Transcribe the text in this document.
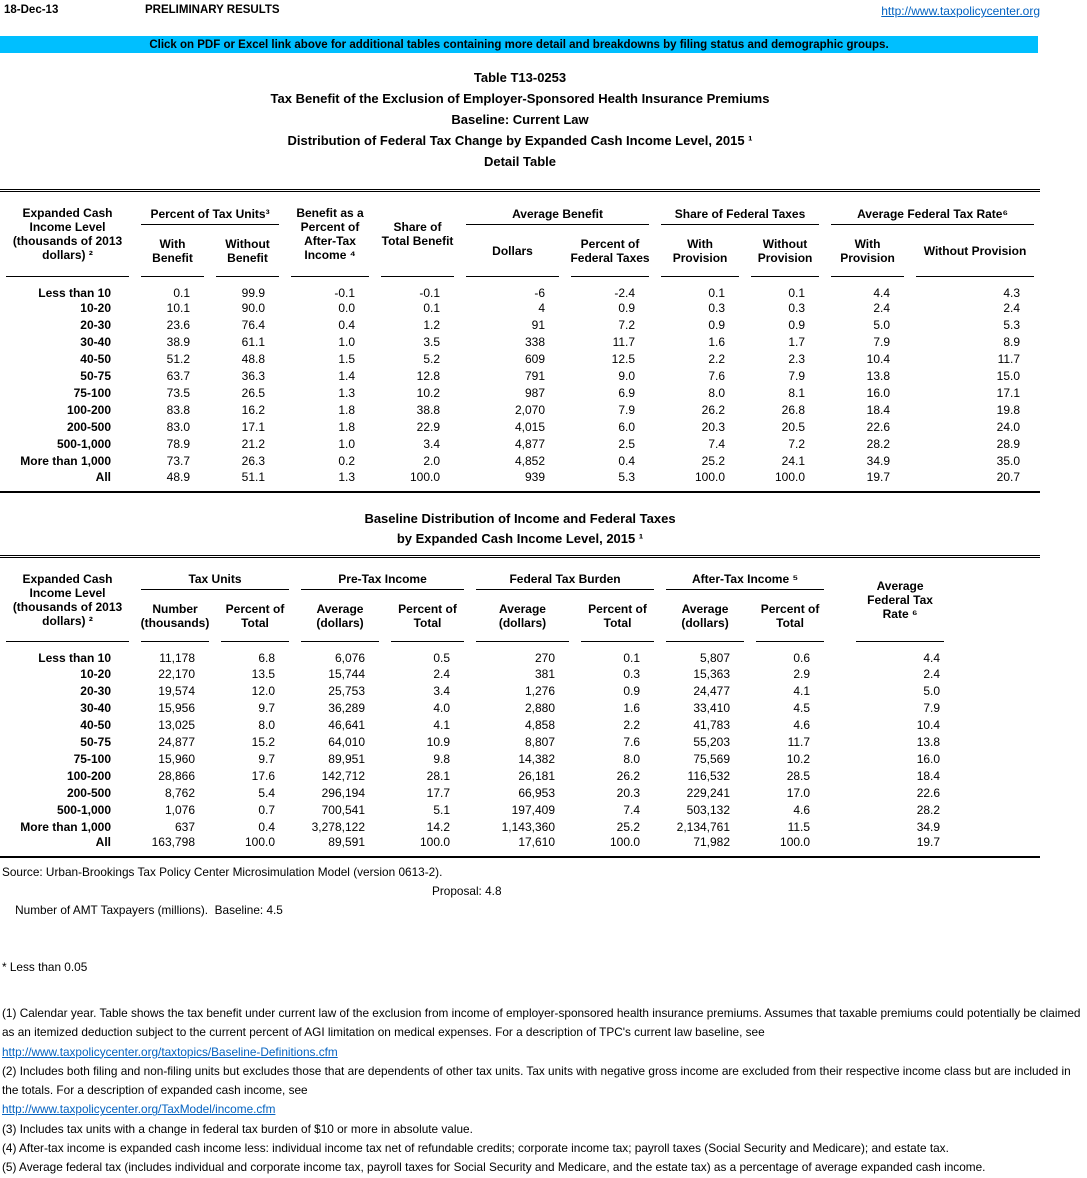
18-Dec-13	PRELIMINARY RESULTS	http://www.taxpolicycenter.org
Click on PDF or Excel link above for additional tables containing more detail and breakdowns by filing status and demographic groups.
Table T13-0253
Tax Benefit of the Exclusion of Employer-Sponsored Health Insurance Premiums
Baseline: Current Law
Distribution of Federal Tax Change by Expanded Cash Income Level, 2015 ¹
Detail Table
Expanded Cash Income Level (thousands of 2013 dollars) ²	Percent of Tax Units³		Benefit as a Percent of After-Tax Income ⁴	Share of Total Benefit	Average Benefit		Share of Federal Taxes		Average Federal Tax Rate⁶	

	With Benefit	Without Benefit			Dollars	Percent of Federal Taxes	With Provision	Without Provision	With Provision	Without Provision
Less than 10	0.1	99.9	-0.1	-0.1	-6	-2.4	0.1	0.1	4.4	4.3
10-20	10.1	90.0	0.0	0.1	4	0.9	0.3	0.3	2.4	2.4
20-30	23.6	76.4	0.4	1.2	91	7.2	0.9	0.9	5.0	5.3
30-40	38.9	61.1	1.0	3.5	338	11.7	1.6	1.7	7.9	8.9
40-50	51.2	48.8	1.5	5.2	609	12.5	2.2	2.3	10.4	11.7
50-75	63.7	36.3	1.4	12.8	791	9.0	7.6	7.9	13.8	15.0
75-100	73.5	26.5	1.3	10.2	987	6.9	8.0	8.1	16.0	17.1
100-200	83.8	16.2	1.8	38.8	2,070	7.9	26.2	26.8	18.4	19.8
200-500	83.0	17.1	1.8	22.9	4,015	6.0	20.3	20.5	22.6	24.0
500-1,000	78.9	21.2	1.0	3.4	4,877	2.5	7.4	7.2	28.2	28.9
More than 1,000	73.7	26.3	0.2	2.0	4,852	0.4	25.2	24.1	34.9	35.0
All	48.9	51.1	1.3	100.0	939	5.3	100.0	100.0	19.7	20.7
Baseline Distribution of Income and Federal Taxes
by Expanded Cash Income Level, 2015 ¹
Expanded Cash Income Level (thousands of 2013 dollars) ²	Tax Units		Pre-Tax Income		Federal Tax Burden		After-Tax Income ⁵		Average Federal Tax Rate ⁶	
	Number (thousands)	Percent of Total	Average (dollars)	Percent of Total	Average (dollars)	Percent of Total	Average (dollars)	Percent of Total		
Less than 10	11,178	6.8	6,076	0.5	270	0.1	5,807	0.6	4.4	
10-20	22,170	13.5	15,744	2.4	381	0.3	15,363	2.9	2.4	
20-30	19,574	12.0	25,753	3.4	1,276	0.9	24,477	4.1	5.0	
30-40	15,956	9.7	36,289	4.0	2,880	1.6	33,410	4.5	7.9	
40-50	13,025	8.0	46,641	4.1	4,858	2.2	41,783	4.6	10.4	
50-75	24,877	15.2	64,010	10.9	8,807	7.6	55,203	11.7	13.8	
75-100	15,960	9.7	89,951	9.8	14,382	8.0	75,569	10.2	16.0	
100-200	28,866	17.6	142,712	28.1	26,181	26.2	116,532	28.5	18.4	
200-500	8,762	5.4	296,194	17.7	66,953	20.3	229,241	17.0	22.6	
500-1,000	1,076	0.7	700,541	5.1	197,409	7.4	503,132	4.6	28.2	
More than 1,000	637	0.4	3,278,122	14.2	1,143,360	25.2	2,134,761	11.5	34.9	
All	163,798	100.0	89,591	100.0	17,610	100.0	71,982	100.0	19.7	
Source: Urban-Brookings Tax Policy Center Microsimulation Model (version 0613-2).

Number of AMT Taxpayers (millions).  Baseline: 4.5

Proposal: 4.8

* Less than 0.05
(1) Calendar year. Table shows the tax benefit under current law of the exclusion from income of employer-sponsored health insurance premiums. Assumes that taxable premiums could potentially be claimed as an itemized deduction subject to the current percent of AGI limitation on medical expenses. For a description of TPC's current law baseline, see
http://www.taxpolicycenter.org/taxtopics/Baseline-Definitions.cfm
(2) Includes both filing and non-filing units but excludes those that are dependents of other tax units. Tax units with negative gross income are excluded from their respective income class but are included in the totals. For a description of expanded cash income, see
http://www.taxpolicycenter.org/TaxModel/income.cfm
(3) Includes tax units with a change in federal tax burden of $10 or more in absolute value.
(4) After-tax income is expanded cash income less: individual income tax net of refundable credits; corporate income tax; payroll taxes (Social Security and Medicare); and estate tax.
(5) Average federal tax (includes individual and corporate income tax, payroll taxes for Social Security and Medicare, and the estate tax) as a percentage of average expanded cash income.
